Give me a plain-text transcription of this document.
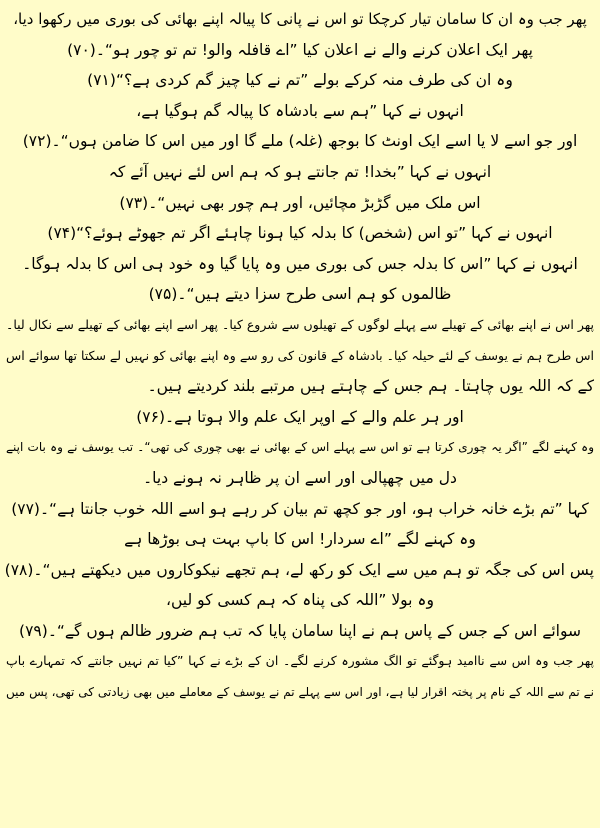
پھر جب وہ ان کا سامان تیار کرچکا تو اس نے پانی کا پیالہ اپنے بھائی کی بوری میں رکھوا دیا،
پھر ایک اعلان کرنے والے نے اعلان کیا ”اے قافلہ والو! تم تو چور ہو“۔(۷۰)
وہ ان کی طرف منہ کرکے بولے ”تم نے کیا چیز گم کردی ہے؟“(۷۱)
انہوں نے کہا ”ہم سے بادشاہ کا پیالہ گم ہوگیا ہے،
اور جو اسے لا یا اسے ایک اونٹ کا بوجھ (غلہ) ملے گا اور میں اس کا ضامن ہوں“۔(۷۲)
انہوں نے کہا ”بخدا! تم جانتے ہو کہ ہم اس لئے نہیں آئے کہ
اس ملک میں گڑبڑ مچائیں، اور ہم چور بھی نہیں“۔(۷۳)
انہوں نے کہا ”تو اس (شخص) کا بدلہ کیا ہونا چاہئے اگر تم جھوٹے ہوئے؟“(۷۴)
انہوں نے کہا ”اس کا بدلہ جس کی بوری میں وہ پایا گیا وہ خود ہی اس کا بدلہ ہوگا۔
ظالموں کو ہم اسی طرح سزا دیتے ہیں“۔(۷۵)
پھر اس نے اپنے بھائی کے تھیلے سے پہلے لوگوں کے تھیلوں سے شروع کیا۔ پھر اسے اپنے بھائی کے تھیلے سے نکال لیا۔
اس طرح ہم نے یوسف کے لئے حیلہ کیا۔ بادشاہ کے قانون کی رو سے وہ اپنے بھائی کو نہیں لے سکتا تھا سوائے اس
کے کہ اللہ یوں چاہتا۔ ہم جس کے چاہتے ہیں مرتبے بلند کردیتے ہیں۔
اور ہر علم والے کے اوپر ایک علم والا ہوتا ہے۔(۷۶)
وہ کہنے لگے ”اگر یہ چوری کرتا ہے تو اس سے پہلے اس کے بھائی نے بھی چوری کی تھی“۔ تب یوسف نے وہ بات اپنے
دل میں چھپالی اور اسے ان پر ظاہر نہ ہونے دیا۔
کہا ”تم بڑے خانہ خراب ہو، اور جو کچھ تم بیان کر رہے ہو اسے اللہ خوب جانتا ہے“۔(۷۷)
وہ کہنے لگے ”اے سردار! اس کا باپ بہت ہی بوڑھا ہے
پس اس کی جگہ تو ہم میں سے ایک کو رکھ لے، ہم تجھے نیکوکاروں میں دیکھتے ہیں“۔(۷۸)
وہ بولا ”اللہ کی پناہ کہ ہم کسی کو لیں،
سوائے اس کے جس کے پاس ہم نے اپنا سامان پایا کہ تب ہم ضرور ظالم ہوں گے“۔(۷۹)
پھر جب وہ اس سے ناامید ہوگئے تو الگ مشورہ کرنے لگے۔ ان کے بڑے نے کہا ”کیا تم نہیں جانتے کہ تمہارے باپ
نے تم سے اللہ کے نام پر پختہ اقرار لیا ہے، اور اس سے پہلے تم نے یوسف کے معاملے میں بھی زیادتی کی تھی، پس میں
